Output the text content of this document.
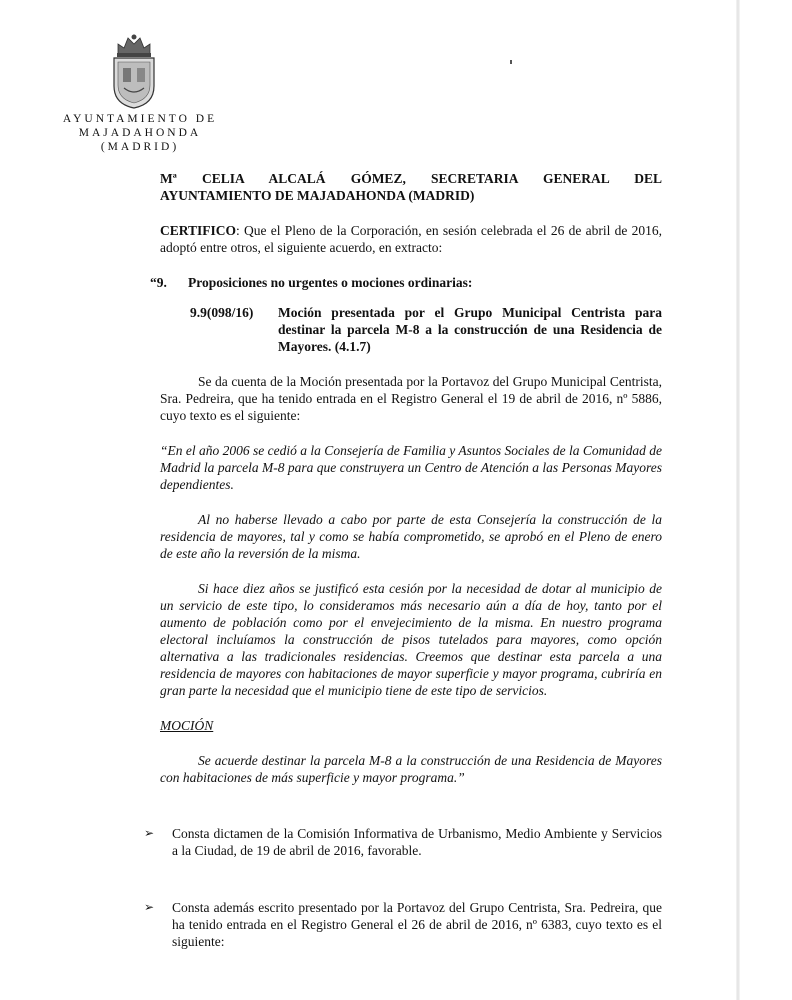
AYUNTAMIENTO DE
MAJADAHONDA
(MADRID)

Mª CELIA ALCALÁ GÓMEZ, SECRETARIA GENERAL DEL

AYUNTAMIENTO DE MAJADAHONDA (MADRID)

CERTIFICO: Que el Pleno de la Corporación, en sesión celebrada el 26 de abril de 2016, adoptó entre otros, el siguiente acuerdo, en extracto:

“9.	Proposiciones no urgentes o mociones ordinarias:
9.9(098/16)	Moción presentada por el Grupo Municipal Centrista para destinar la parcela M-8 a la construcción de una Residencia de Mayores. (4.1.7)

Se da cuenta de la Moción presentada por la Portavoz del Grupo Municipal Centrista, Sra. Pedreira, que ha tenido entrada en el Registro General el 19 de abril de 2016, nº 5886, cuyo texto es el siguiente:

“En el año 2006 se cedió a la Consejería de Familia y Asuntos Sociales de la Comunidad de Madrid la parcela M-8 para que construyera un Centro de Atención a las Personas Mayores dependientes.

Al no haberse llevado a cabo por parte de esta Consejería la construcción de la residencia de mayores, tal y como se había comprometido, se aprobó en el Pleno de enero de este año la reversión de la misma.

Si hace diez años se justificó esta cesión por la necesidad de dotar al municipio de un servicio de este tipo, lo consideramos más necesario aún a día de hoy, tanto por el aumento de población como por el envejecimiento de la misma. En nuestro programa electoral incluíamos la construcción de pisos tutelados para mayores, como opción alternativa a las tradicionales residencias. Creemos que destinar esta parcela a una residencia de mayores con habitaciones de mayor superficie y mayor programa, cubriría en gran parte la necesidad que el municipio tiene de este tipo de servicios.

MOCIÓN

Se acuerde destinar la parcela M-8 a la construcción de una Residencia de Mayores con habitaciones de más superficie y mayor programa.”

➢	Consta dictamen de la Comisión Informativa de Urbanismo, Medio Ambiente y Servicios a la Ciudad, de 19 de abril de 2016, favorable.
➢	Consta además escrito presentado por la Portavoz del Grupo Centrista, Sra. Pedreira, que ha tenido entrada en el Registro General el 26 de abril de 2016, nº 6383, cuyo texto es el siguiente:
